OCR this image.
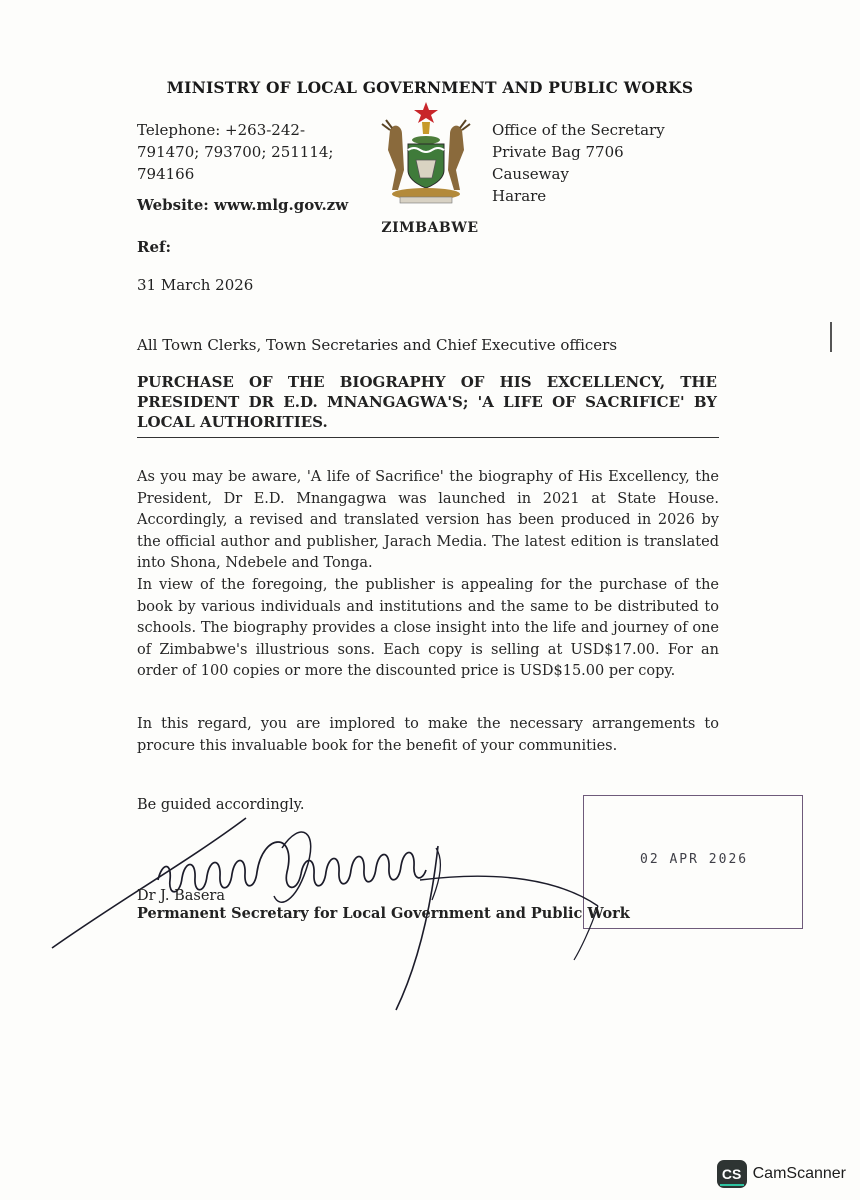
MINISTRY OF LOCAL GOVERNMENT AND PUBLIC WORKS
Telephone: +263-242-791470; 793700; 251114; 794166
Office of the Secretary
Private Bag 7706
Causeway
Harare
Website: www.mlg.gov.zw
ZIMBABWE
Ref:
31 March 2026
All Town Clerks, Town Secretaries and Chief Executive officers
PURCHASE OF THE BIOGRAPHY OF HIS EXCELLENCY, THE PRESIDENT DR E.D. MNANGAGWA'S; 'A LIFE OF SACRIFICE' BY LOCAL AUTHORITIES.
As you may be aware, 'A life of Sacrifice' the biography of His Excellency, the President, Dr E.D. Mnangagwa was launched in 2021 at State House. Accordingly, a revised and translated version has been produced in 2026 by the official author and publisher, Jarach Media. The latest edition is translated into Shona, Ndebele and Tonga.
In view of the foregoing, the publisher is appealing for the purchase of the book by various individuals and institutions and the same to be distributed to schools. The biography provides a close insight into the life and journey of one of Zimbabwe's illustrious sons. Each copy is selling at USD$17.00. For an order of 100 copies or more the discounted price is USD$15.00 per copy.
In this regard, you are implored to make the necessary arrangements to procure this invaluable book for the benefit of your communities.
Be guided accordingly.
02 APR 2026
Dr J. Basera
Permanent Secretary for Local Government and Public Work
CS CamScanner
